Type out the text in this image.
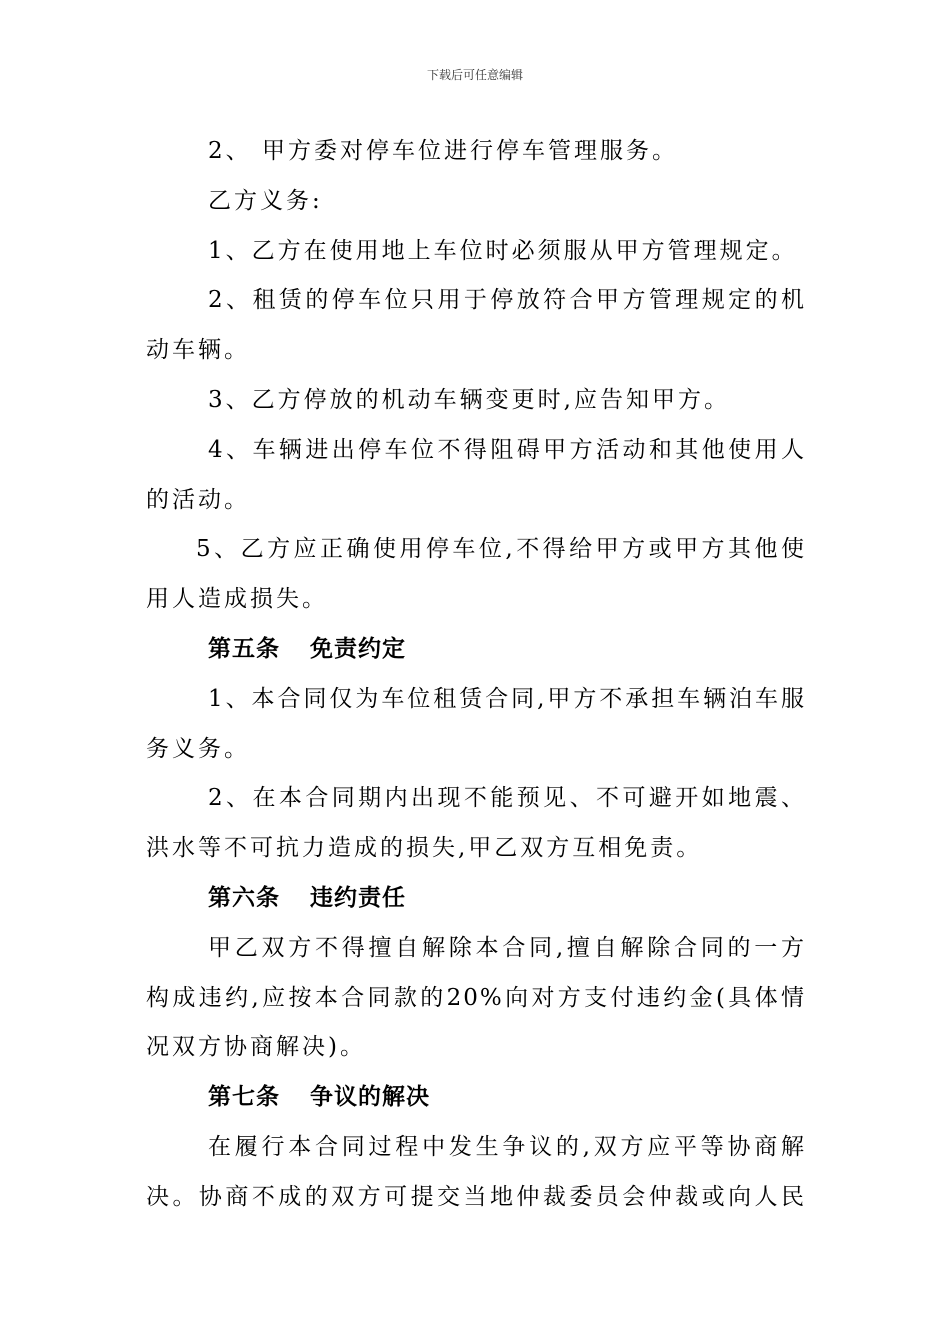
下载后可任意编辑
2、 甲方委对停车位进行停车管理服务。
乙方义务:
1、乙方在使用地上车位时必须服从甲方管理规定。
2、租赁的停车位只用于停放符合甲方管理规定的机
动车辆。
3、乙方停放的机动车辆变更时,应告知甲方。
4、车辆进出停车位不得阻碍甲方活动和其他使用人
的活动。
5、乙方应正确使用停车位,不得给甲方或甲方其他使
用人造成损失。
第五条 免责约定
1、本合同仅为车位租赁合同,甲方不承担车辆泊车服
务义务。
2、在本合同期内出现不能预见、不可避开如地震、
洪水等不可抗力造成的损失,甲乙双方互相免责。
第六条 违约责任
甲乙双方不得擅自解除本合同,擅自解除合同的一方
构成违约,应按本合同款的20%向对方支付违约金(具体情
况双方协商解决)。
第七条 争议的解决
在履行本合同过程中发生争议的,双方应平等协商解
决。协商不成的双方可提交当地仲裁委员会仲裁或向人民
